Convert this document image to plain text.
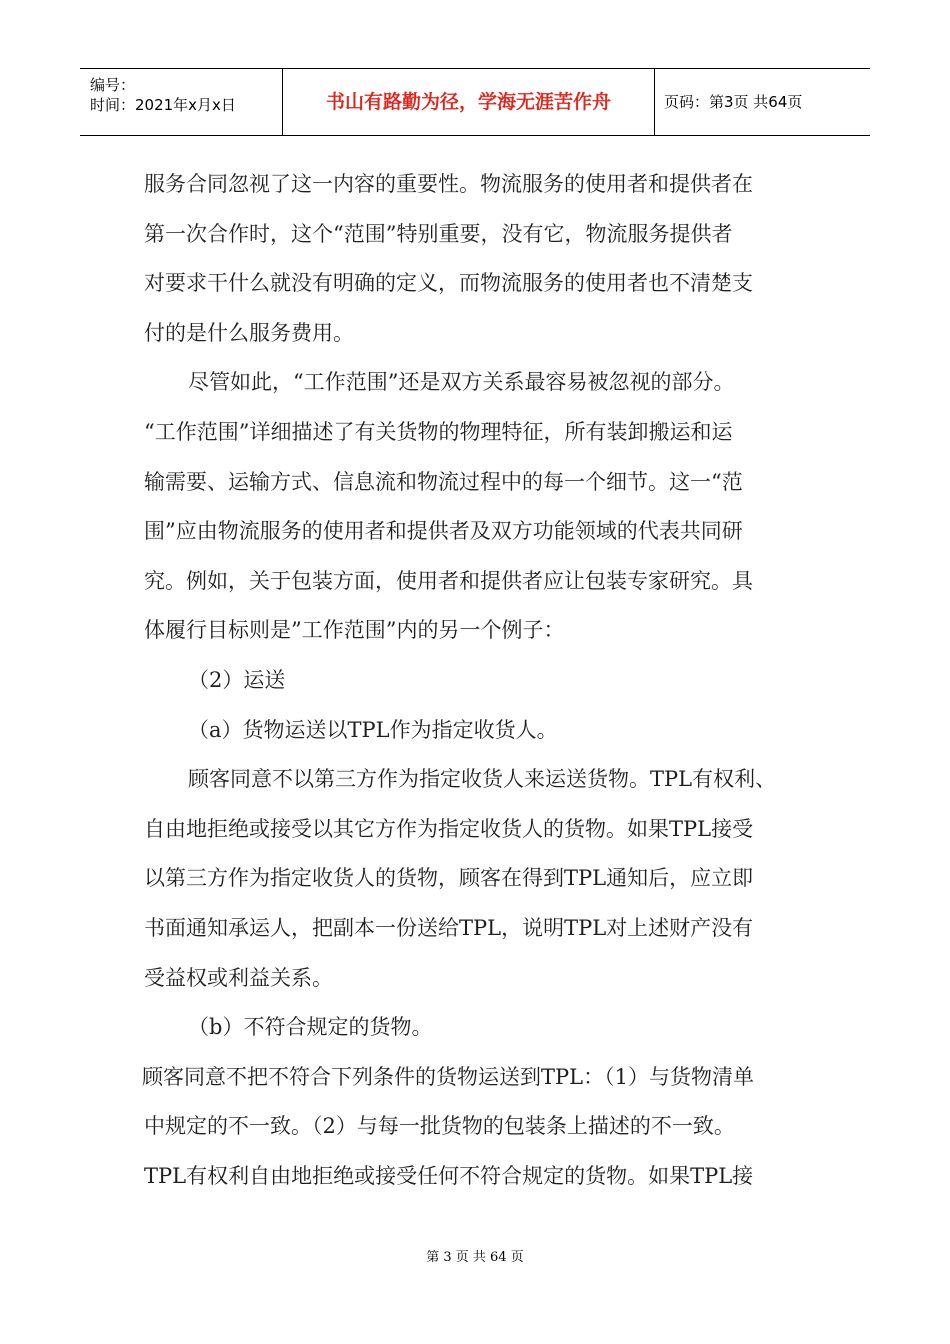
编号：
时间：2021年x月x日	书山有路勤为径，学海无涯苦作舟	页码：第3页 共64页

服务合同忽视了这一内容的重要性。物流服务的使用者和提供者在

第一次合作时，这个“范围”特别重要，没有它，物流服务提供者

对要求干什么就没有明确的定义，而物流服务的使用者也不清楚支

付的是什么服务费用。

尽管如此，“工作范围”还是双方关系最容易被忽视的部分。

“工作范围”详细描述了有关货物的物理特征，所有装卸搬运和运

输需要、运输方式、信息流和物流过程中的每一个细节。这一“范

围”应由物流服务的使用者和提供者及双方功能领域的代表共同研

究。例如，关于包装方面，使用者和提供者应让包装专家研究。具

体履行目标则是”工作范围”内的另一个例子：

（2）运送

（a）货物运送以TPL作为指定收货人。

顾客同意不以第三方作为指定收货人来运送货物。TPL有权利、

自由地拒绝或接受以其它方作为指定收货人的货物。如果TPL接受

以第三方作为指定收货人的货物，顾客在得到TPL通知后，应立即

书面通知承运人，把副本一份送给TPL，说明TPL对上述财产没有

受益权或利益关系。

（b）不符合规定的货物。

顾客同意不把不符合下列条件的货物运送到TPL：（1）与货物清单

中规定的不一致。（2）与每一批货物的包装条上描述的不一致。

TPL有权利自由地拒绝或接受任何不符合规定的货物。如果TPL接

第 3 页 共 64 页
